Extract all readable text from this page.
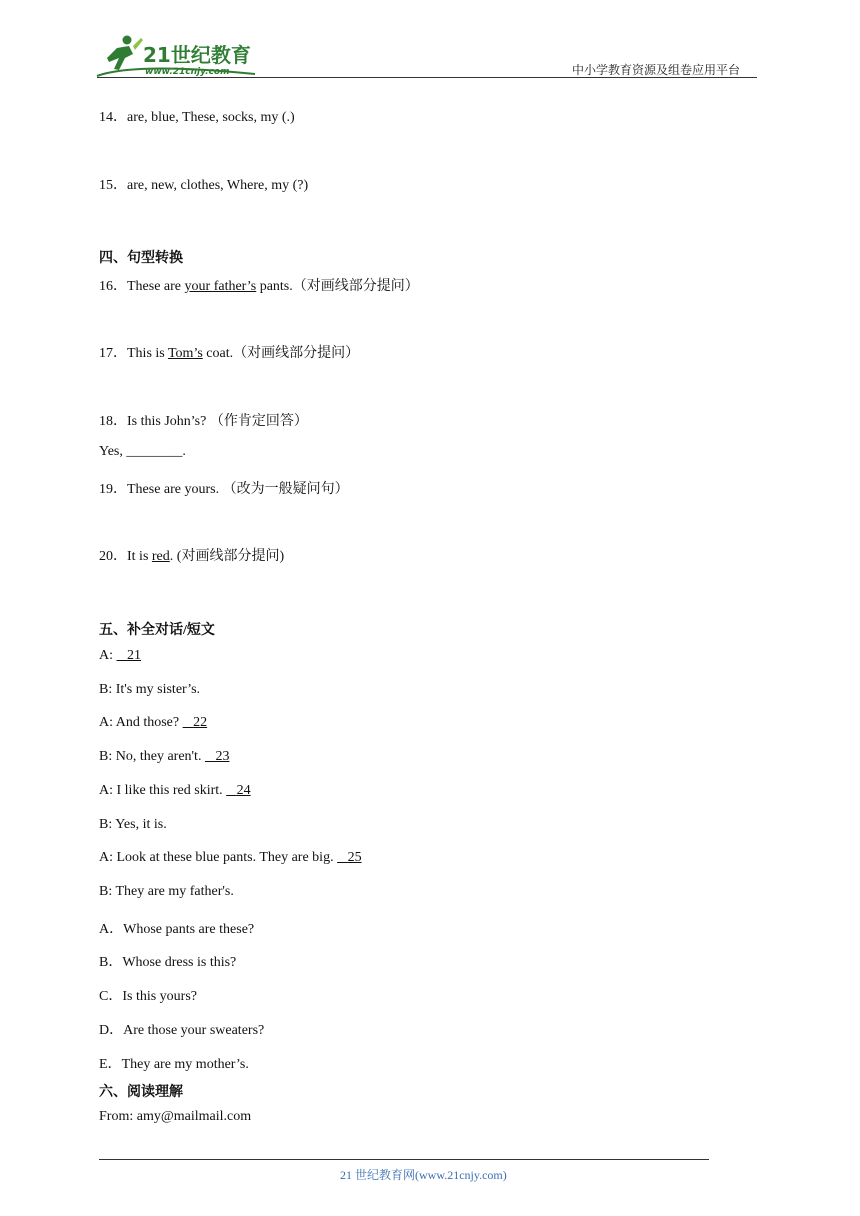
21世纪教育
www.21cnjy.com	中小学教育资源及组卷应用平台
14．are, blue, These, socks, my (.)
15．are, new, clothes, Where, my (?)
四、句型转换
16．These are your father’s pants.（对画线部分提问）
17．This is Tom’s coat.（对画线部分提问）
18．Is this John’s? （作肯定回答）
Yes, ________.
19．These are yours. （改为一般疑问句）
20．It is red. (对画线部分提问)
五、补全对话/短文
A:    21
B: It's my sister’s.
A: And those?    22
B: No, they aren't.    23
A: I like this red skirt.    24
B: Yes, it is.
A: Look at these blue pants. They are big.    25
B: They are my father's.
A．Whose pants are these?
B．Whose dress is this?
C．Is this yours?
D．Are those your sweaters?
E．They are my mother’s.
六、阅读理解
From: amy@mailmail.com
21 世纪教育网(www.21cnjy.com)
